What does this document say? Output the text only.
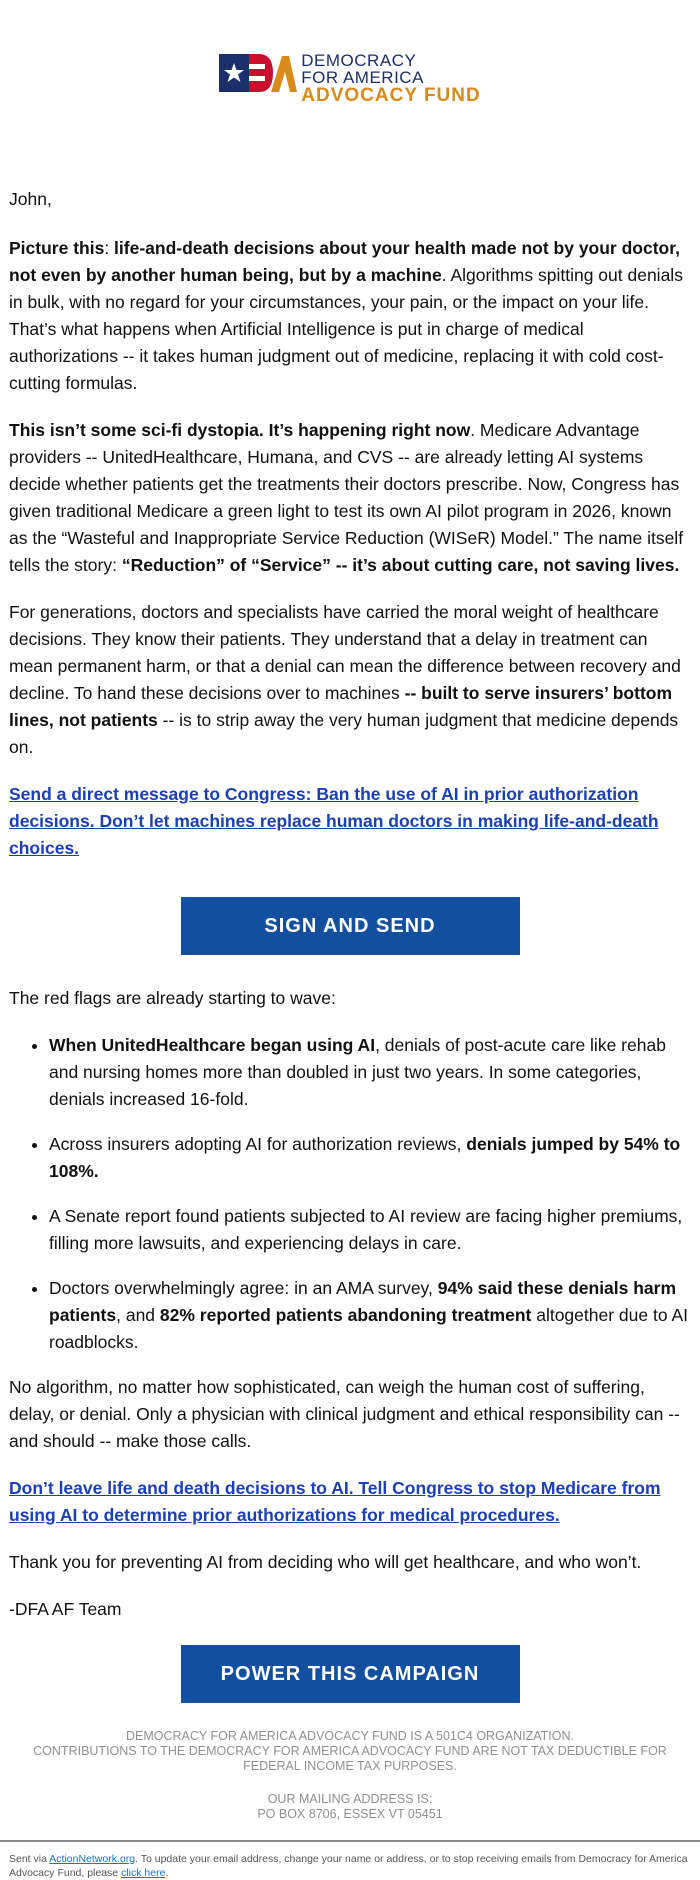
DEMOCRACY
FOR AMERICA
ADVOCACY FUND

John,

Picture this: life-and-death decisions about your health made not by your doctor, not even by another human being, but by a machine. Algorithms spitting out denials in bulk, with no regard for your circumstances, your pain, or the impact on your life. That’s what happens when Artificial Intelligence is put in charge of medical authorizations -- it takes human judgment out of medicine, replacing it with cold cost-cutting formulas.

This isn’t some sci-fi dystopia. It’s happening right now. Medicare Advantage providers -- UnitedHealthcare, Humana, and CVS -- are already letting AI systems decide whether patients get the treatments their doctors prescribe. Now, Congress has given traditional Medicare a green light to test its own AI pilot program in 2026, known as the “Wasteful and Inappropriate Service Reduction (WISeR) Model.” The name itself tells the story: “Reduction” of “Service” -- it’s about cutting care, not saving lives.

For generations, doctors and specialists have carried the moral weight of healthcare decisions. They know their patients. They understand that a delay in treatment can mean permanent harm, or that a denial can mean the difference between recovery and decline. To hand these decisions over to machines -- built to serve insurers’ bottom lines, not patients -- is to strip away the very human judgment that medicine depends on.

Send a direct message to Congress: Ban the use of AI in prior authorization decisions. Don’t let machines replace human doctors in making life-and-death choices.

SIGN AND SEND

The red flags are already starting to wave:

• When UnitedHealthcare began using AI, denials of post-acute care like rehab and nursing homes more than doubled in just two years. In some categories, denials increased 16-fold.
• Across insurers adopting AI for authorization reviews, denials jumped by 54% to 108%.
• A Senate report found patients subjected to AI review are facing higher premiums, filling more lawsuits, and experiencing delays in care.
• Doctors overwhelmingly agree: in an AMA survey, 94% said these denials harm patients, and 82% reported patients abandoning treatment altogether due to AI roadblocks.

No algorithm, no matter how sophisticated, can weigh the human cost of suffering, delay, or denial. Only a physician with clinical judgment and ethical responsibility can -- and should -- make those calls.

Don’t leave life and death decisions to AI. Tell Congress to stop Medicare from using AI to determine prior authorizations for medical procedures.

Thank you for preventing AI from deciding who will get healthcare, and who won’t.

-DFA AF Team

POWER THIS CAMPAIGN

DEMOCRACY FOR AMERICA ADVOCACY FUND IS A 501C4 ORGANIZATION.
CONTRIBUTIONS TO THE DEMOCRACY FOR AMERICA ADVOCACY FUND ARE NOT TAX DEDUCTIBLE FOR FEDERAL INCOME TAX PURPOSES.

OUR MAILING ADDRESS IS:
PO BOX 8706, ESSEX VT 05451

Sent via ActionNetwork.org. To update your email address, change your name or address, or to stop receiving emails from Democracy for America Advocacy Fund, please click here.
